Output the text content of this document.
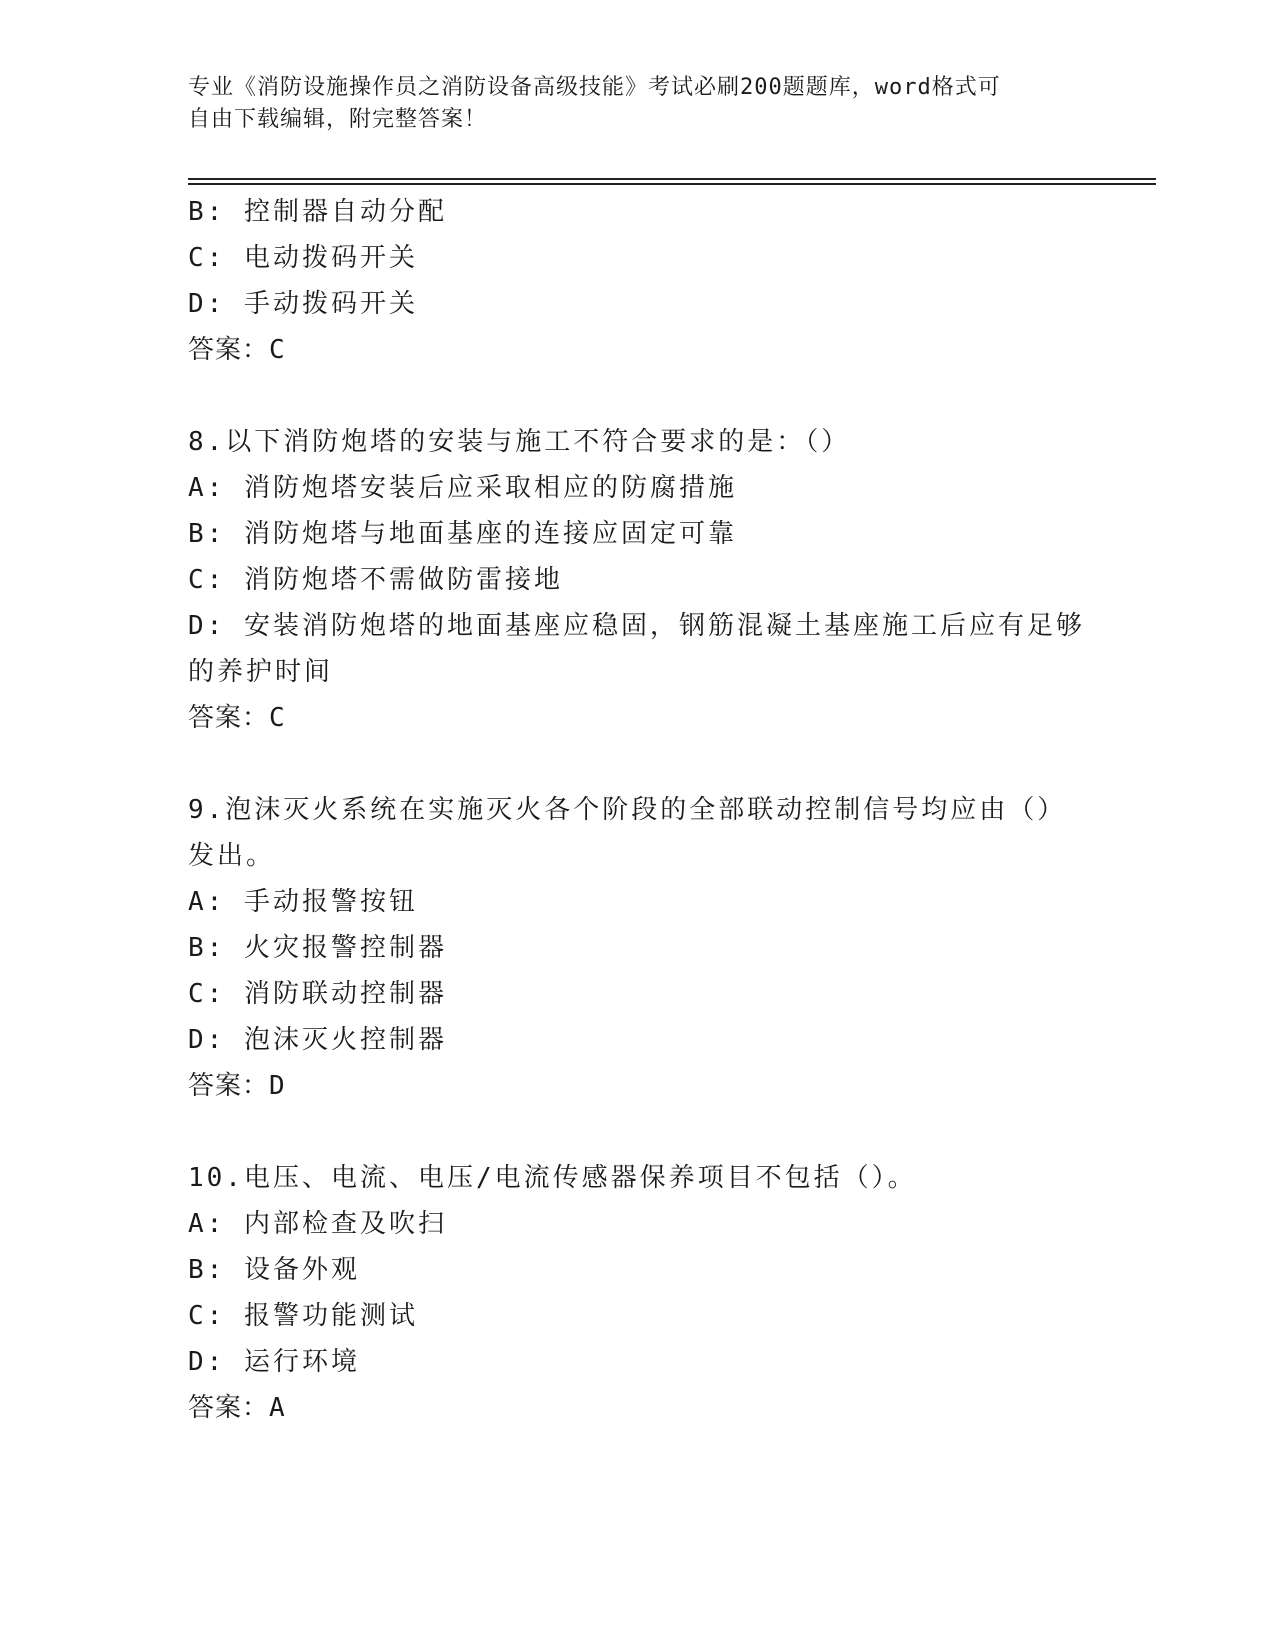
专业《消防设施操作员之消防设备高级技能》考试必刷200题题库，word格式可
自由下载编辑，附完整答案！
B: 控制器自动分配
C: 电动拨码开关
D: 手动拨码开关
答案：C
8.以下消防炮塔的安装与施工不符合要求的是：（）
A: 消防炮塔安装后应采取相应的防腐措施
B: 消防炮塔与地面基座的连接应固定可靠
C: 消防炮塔不需做防雷接地
D: 安装消防炮塔的地面基座应稳固，钢筋混凝土基座施工后应有足够
的养护时间
答案：C
9.泡沫灭火系统在实施灭火各个阶段的全部联动控制信号均应由（）
发出。
A: 手动报警按钮
B: 火灾报警控制器
C: 消防联动控制器
D: 泡沫灭火控制器
答案：D
10.电压、电流、电压/电流传感器保养项目不包括（）。
A: 内部检查及吹扫
B: 设备外观
C: 报警功能测试
D: 运行环境
答案：A
